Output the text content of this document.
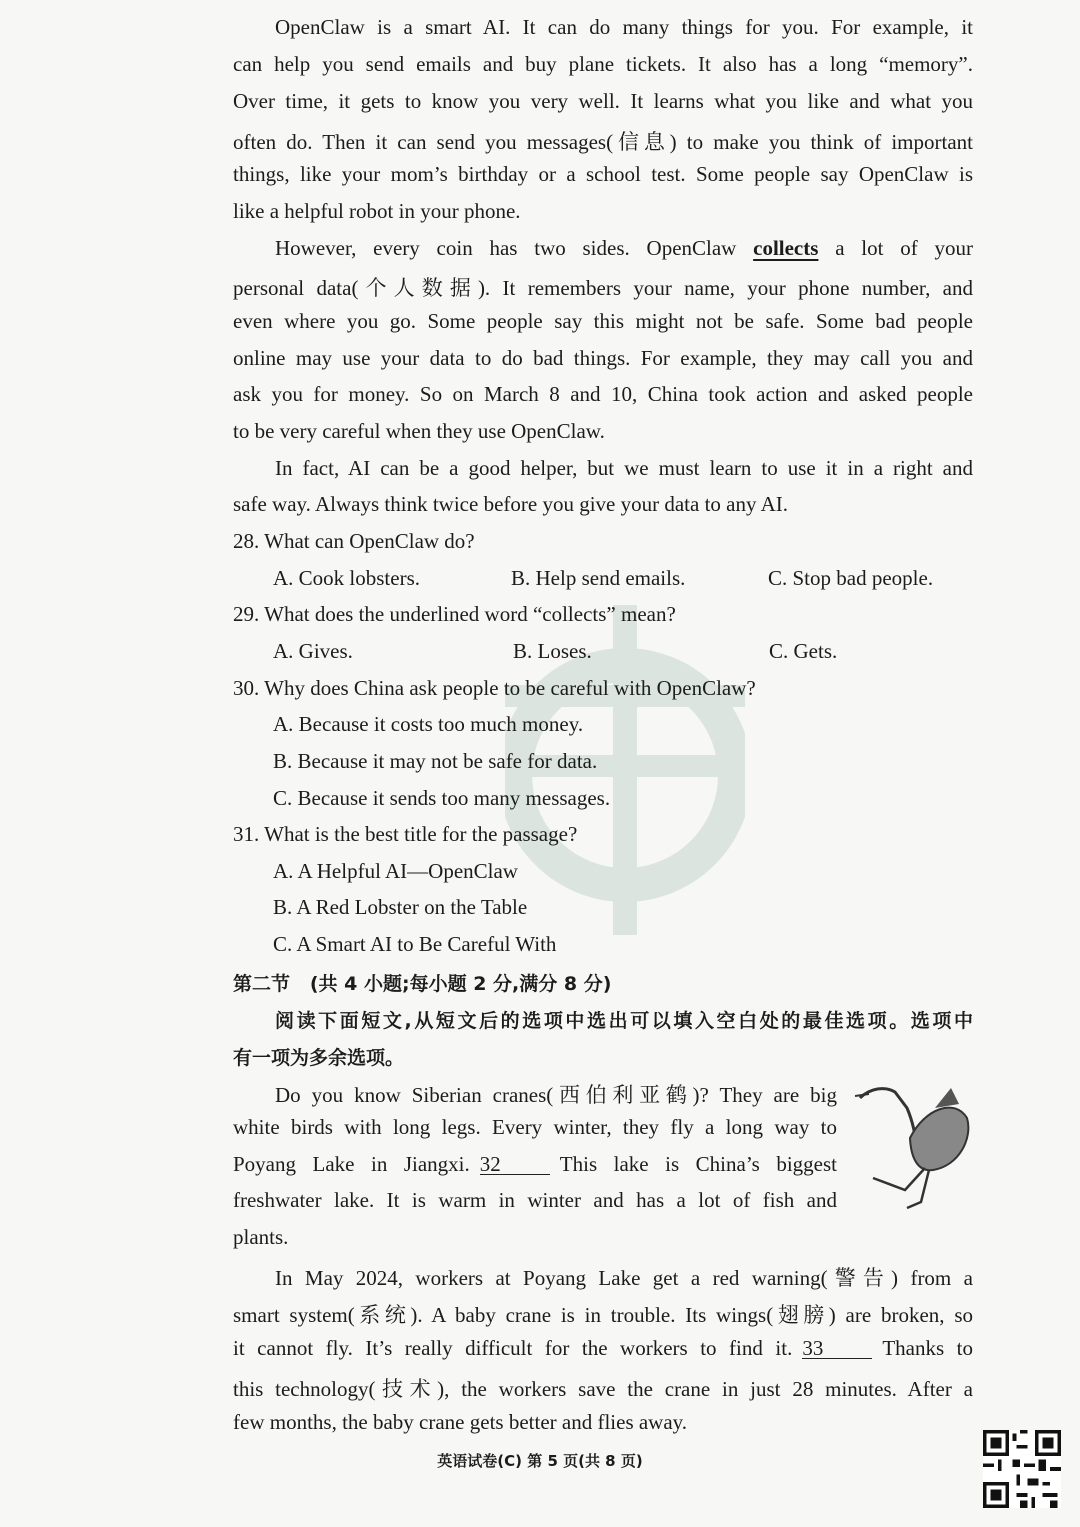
OpenClaw is a smart AI. It can do many things for you. For example, it
can help you send emails and buy plane tickets. It also has a long “memory”.
Over time, it gets to know you very well. It learns what you like and what you
often do. Then it can send you messages(信息) to make you think of important
things, like your mom’s birthday or a school test. Some people say OpenClaw is
like a helpful robot in your phone.
However, every coin has two sides. OpenClaw collects a lot of your
personal data(个人数据). It remembers your name, your phone number, and
even where you go. Some people say this might not be safe. Some bad people
online may use your data to do bad things. For example, they may call you and
ask you for money. So on March 8 and 10, China took action and asked people
to be very careful when they use OpenClaw.
In fact, AI can be a good helper, but we must learn to use it in a right and
safe way. Always think twice before you give your data to any AI.
28. What can OpenClaw do?
A. Cook lobsters.	B. Help send emails.	C. Stop bad people.
29. What does the underlined word “collects” mean?
A. Gives.	B. Loses.	C. Gets.
30. Why does China ask people to be careful with OpenClaw?
A. Because it costs too much money.
B. Because it may not be safe for data.
C. Because it sends too many messages.
31. What is the best title for the passage?
A. A Helpful AI—OpenClaw
B. A Red Lobster on the Table
C. A Smart AI to Be Careful With
第二节 (共 4 小题;每小题 2 分,满分 8 分)
阅读下面短文,从短文后的选项中选出可以填入空白处的最佳选项。选项中
有一项为多余选项。
Do you know Siberian cranes(西伯利亚鹤)? They are big
white birds with long legs. Every winter, they fly a long way to
Poyang Lake in Jiangxi. 32	This lake is China’s biggest
freshwater lake. It is warm in winter and has a lot of fish and
plants.
In May 2024, workers at Poyang Lake get a red warning(警告) from a
smart system(系统). A baby crane is in trouble. Its wings(翅膀) are broken, so
it cannot fly. It’s really difficult for the workers to find it. 33	Thanks to
this technology(技术), the workers save the crane in just 28 minutes. After a
few months, the baby crane gets better and flies away.
英语试卷(C) 第 5 页(共 8 页)
